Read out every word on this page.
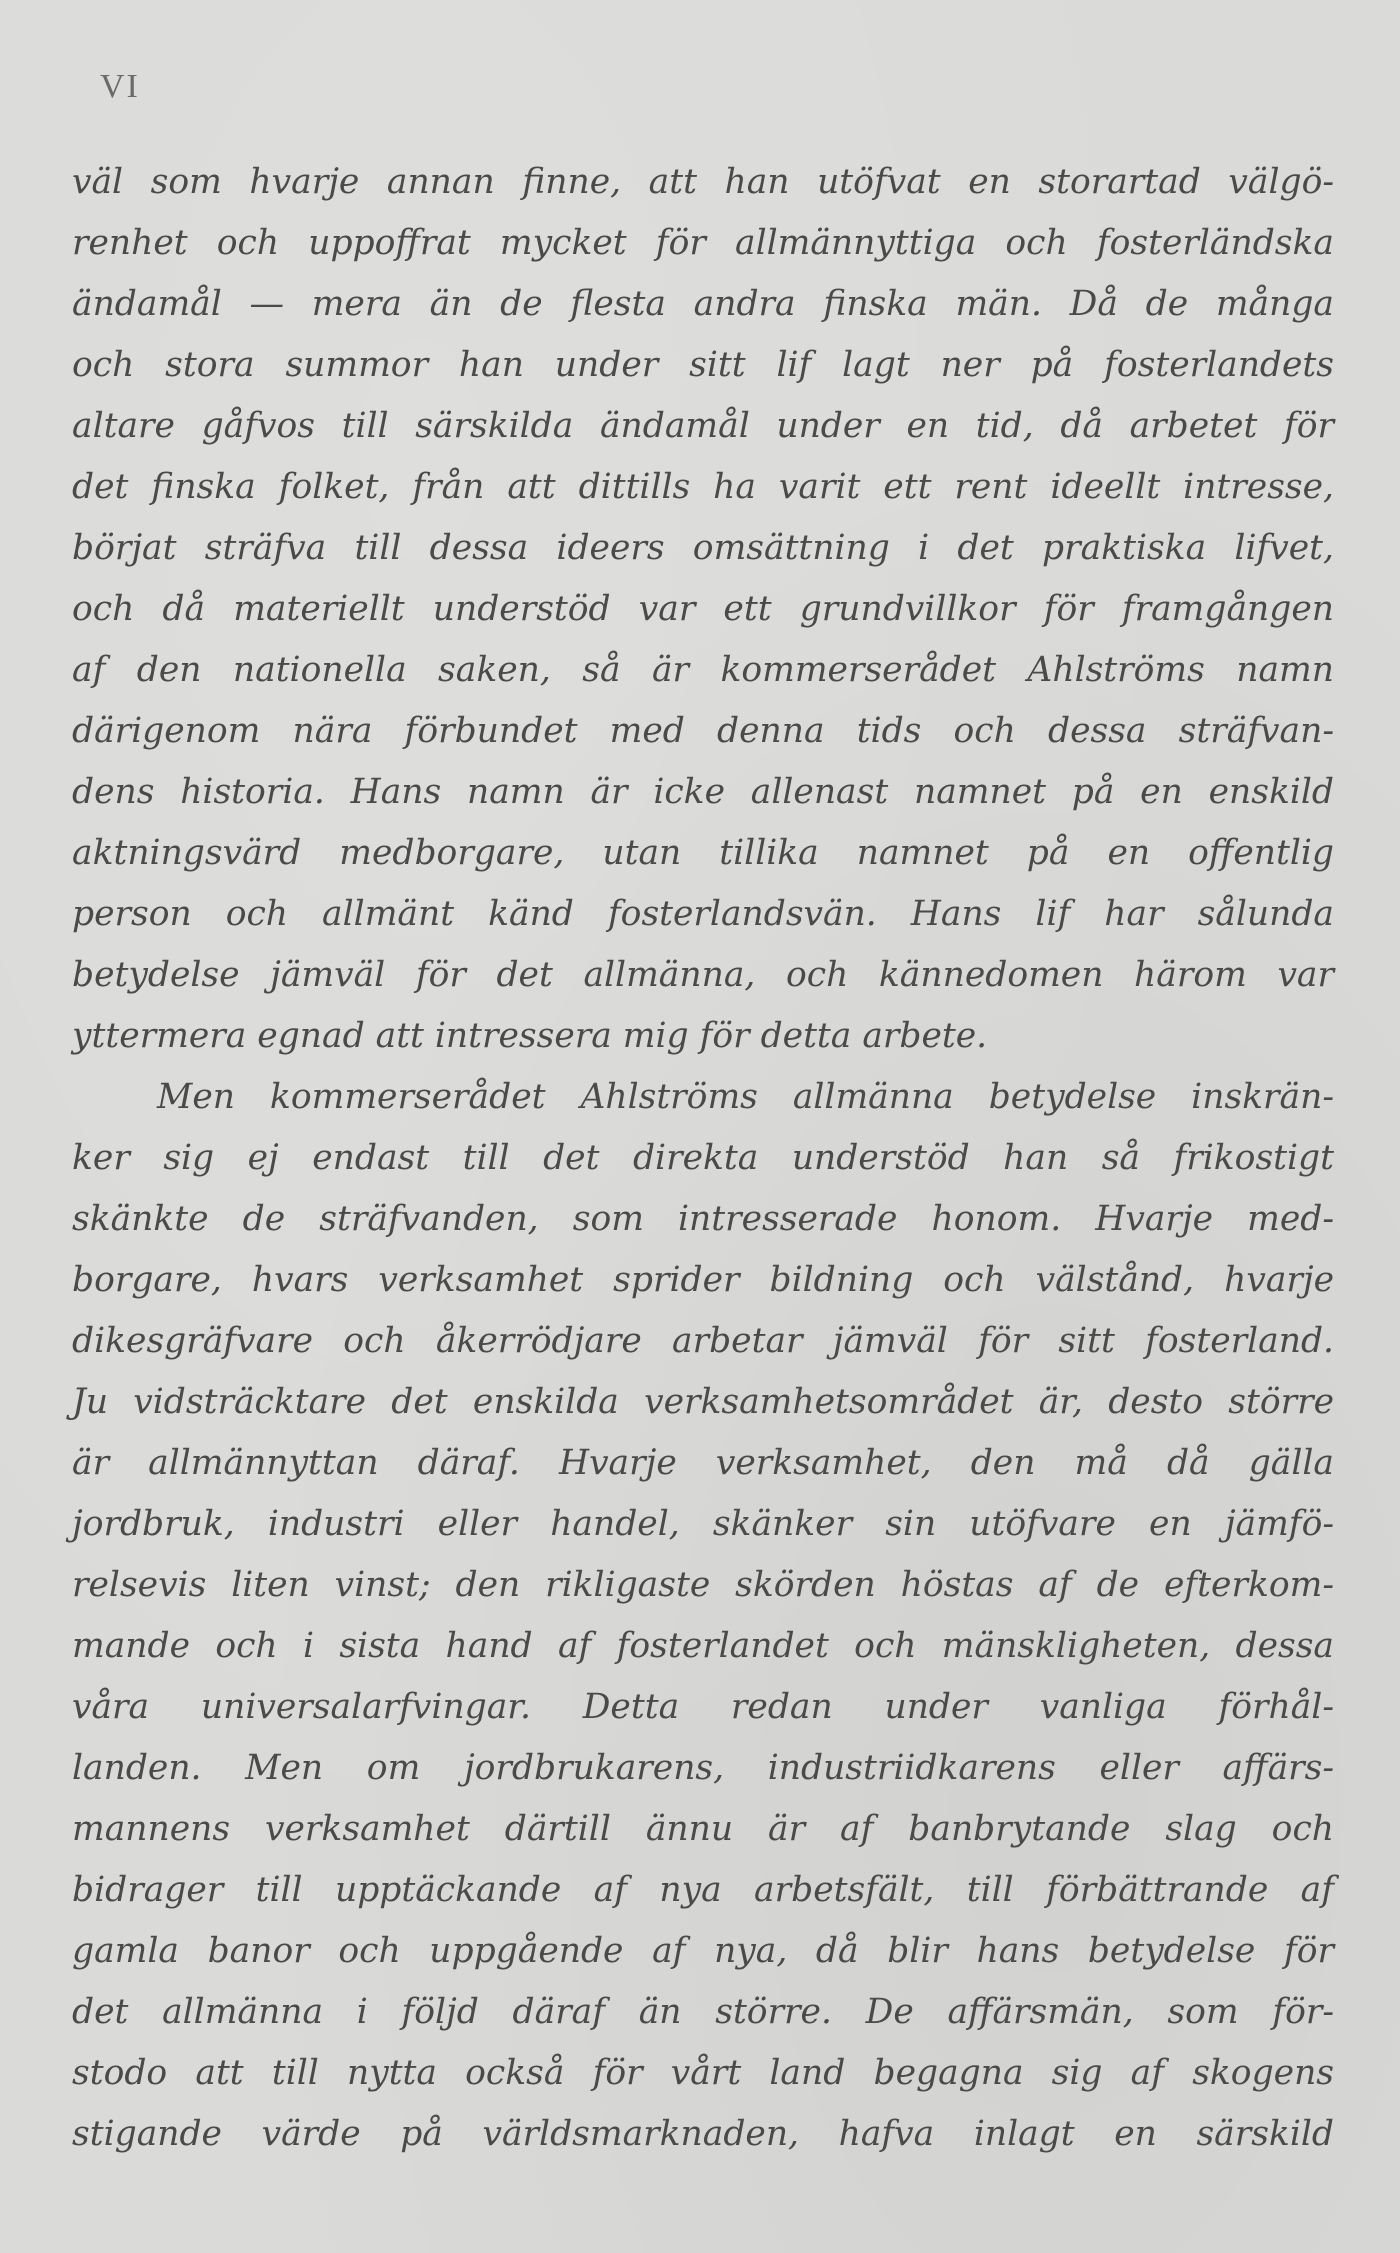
VI
väl som hvarje annan finne, att han utöfvat en storartad välgö-
renhet och uppoffrat mycket för allmännyttiga och fosterländska
ändamål — mera än de flesta andra finska män. Då de många
och stora summor han under sitt lif lagt ner på fosterlandets
altare gåfvos till särskilda ändamål under en tid, då arbetet för
det finska folket, från att dittills ha varit ett rent ideellt intresse,
börjat sträfva till dessa ideers omsättning i det praktiska lifvet,
och då materiellt understöd var ett grundvillkor för framgången
af den nationella saken, så är kommerserådet Ahlströms namn
därigenom nära förbundet med denna tids och dessa sträfvan-
dens historia. Hans namn är icke allenast namnet på en enskild
aktningsvärd medborgare, utan tillika namnet på en offentlig
person och allmänt känd fosterlandsvän. Hans lif har sålunda
betydelse jämväl för det allmänna, och kännedomen härom var
yttermera egnad att intressera mig för detta arbete.
Men kommerserådet Ahlströms allmänna betydelse inskrän-
ker sig ej endast till det direkta understöd han så frikostigt
skänkte de sträfvanden, som intresserade honom. Hvarje med-
borgare, hvars verksamhet sprider bildning och välstånd, hvarje
dikesgräfvare och åkerrödjare arbetar jämväl för sitt fosterland.
Ju vidsträcktare det enskilda verksamhetsområdet är, desto större
är allmännyttan däraf. Hvarje verksamhet, den må då gälla
jordbruk, industri eller handel, skänker sin utöfvare en jämfö-
relsevis liten vinst; den rikligaste skörden höstas af de efterkom-
mande och i sista hand af fosterlandet och mänskligheten, dessa
våra universalarfvingar. Detta redan under vanliga förhål-
landen. Men om jordbrukarens, industriidkarens eller affärs-
mannens verksamhet därtill ännu är af banbrytande slag och
bidrager till upptäckande af nya arbetsfält, till förbättrande af
gamla banor och uppgående af nya, då blir hans betydelse för
det allmänna i följd däraf än större. De affärsmän, som för-
stodo att till nytta också för vårt land begagna sig af skogens
stigande värde på världsmarknaden, hafva inlagt en särskild
